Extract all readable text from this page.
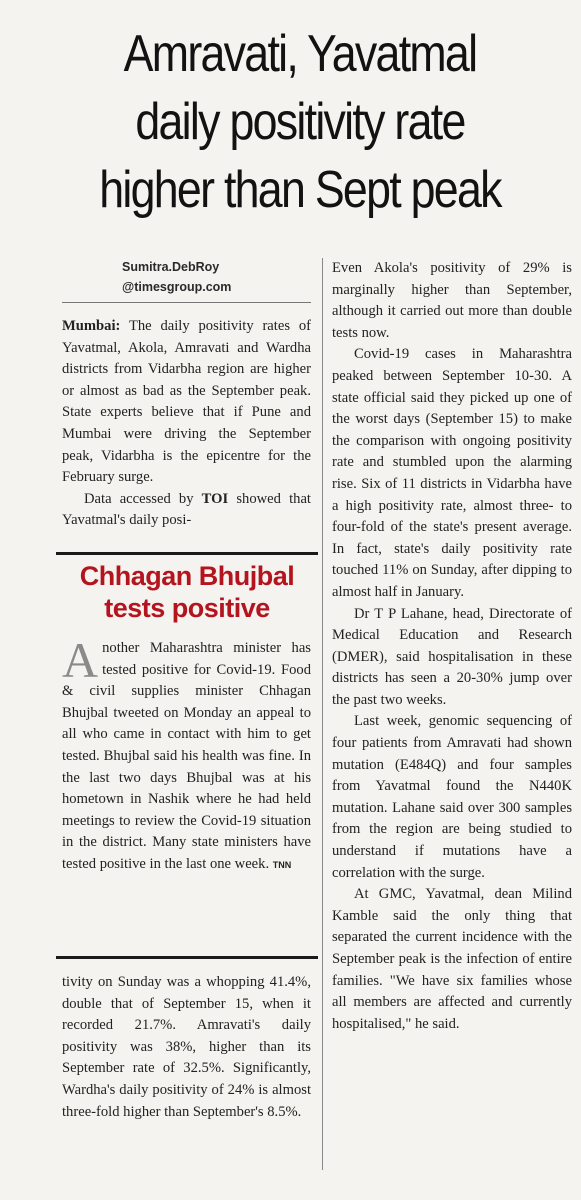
Amravati, Yavatmal
daily positivity rate
higher than Sept peak
Sumitra.DebRoy
@timesgroup.com

Mumbai: The daily positivity rates of Yavatmal, Akola, Amravati and Wardha districts from Vidarbha region are higher or almost as bad as the September peak. State experts believe that if Pune and Mumbai were driving the September peak, Vidarbha is the epicentre for the February surge.

Data accessed by TOI showed that Yavatmal's daily posi-

Chhagan Bhujbal
tests positive
Another Maharashtra minister has tested positive for Covid-19. Food & civil supplies minister Chhagan Bhujbal tweeted on Monday an appeal to all who came in contact with him to get tested. Bhujbal said his health was fine. In the last two days Bhujbal was at his hometown in Nashik where he had held meetings to review the Covid-19 situation in the district. Many state ministers have tested positive in the last one week. TNN

tivity on Sunday was a whopping 41.4%, double that of September 15, when it recorded 21.7%. Amravati's daily positivity was 38%, higher than its September rate of 32.5%. Significantly, Wardha's daily positivity of 24% is almost three-fold higher than September's 8.5%.

Even Akola's positivity of 29% is marginally higher than September, although it carried out more than double tests now.

Covid-19 cases in Maharashtra peaked between September 10-30. A state official said they picked up one of the worst days (September 15) to make the comparison with ongoing positivity rate and stumbled upon the alarming rise. Six of 11 districts in Vidarbha have a high positivity rate, almost three- to four-fold of the state's present average. In fact, state's daily positivity rate touched 11% on Sunday, after dipping to almost half in January.

Dr T P Lahane, head, Directorate of Medical Education and Research (DMER), said hospitalisation in these districts has seen a 20-30% jump over the past two weeks.

Last week, genomic sequencing of four patients from Amravati had shown mutation (E484Q) and four samples from Yavatmal found the N440K mutation. Lahane said over 300 samples from the region are being studied to understand if mutations have a correlation with the surge.

At GMC, Yavatmal, dean Milind Kamble said the only thing that separated the current incidence with the September peak is the infection of entire families. "We have six families whose all members are affected and currently hospitalised," he said.
